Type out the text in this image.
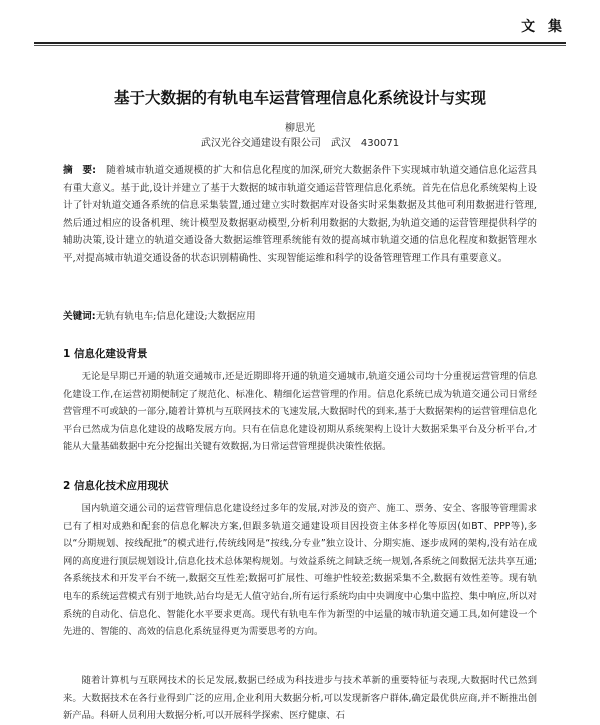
文 集
基于大数据的有轨电车运营管理信息化系统设计与实现
柳思光
武汉光谷交通建设有限公司　武汉　430071
摘　要: 随着城市轨道交通规模的扩大和信息化程度的加深,研究大数据条件下实现城市轨道交通信息化运营具有重大意义。基于此,设计并建立了基于大数据的城市轨道交通运营管理信息化系统。首先在信息化系统架构上设计了针对轨道交通各系统的信息采集装置,通过建立实时数据库对设备实时采集数据及其他可利用数据进行管理,然后通过相应的设备机理、统计模型及数据驱动模型,分析利用数据的大数据,为轨道交通的运营管理提供科学的辅助决策,设计建立的轨道交通设备大数据运维管理系统能有效的提高城市轨道交通的信息化程度和数据管理水平,对提高城市轨道交通设备的状态识别精确性、实现智能运维和科学的设备管理管理工作具有重要意义。
关键词:无轨有轨电车;信息化建设;大数据应用
1 信息化建设背景

无论是早期已开通的轨道交通城市,还是近期即将开通的轨道交通城市,轨道交通公司均十分重视运营管理的信息化建设工作,在运营初期便制定了规范化、标准化、精细化运营管理的作用。信息化系统已成为轨道交通公司日常经营管理不可或缺的一部分,随着计算机与互联网技术的飞速发展,大数据时代的到来,基于大数据架构的运营管理信息化平台已然成为信息化建设的战略发展方向。只有在信息化建设初期从系统架构上设计大数据采集平台及分析平台,才能从大量基础数据中充分挖掘出关键有效数据,为日常运营管理提供决策性依据。

2 信息化技术应用现状

国内轨道交通公司的运营管理信息化建设经过多年的发展,对涉及的资产、施工、票务、安全、客服等管理需求已有了相对成熟和配套的信息化解决方案,但跟多轨道交通建设项目因投资主体多样化等原因(如BT、PPP等),多以“分期规划、按线配批”的模式进行,传统线网是“按线,分专业”独立设计、分期实施、逐步成网的架构,没有站在成网的高度进行顶层规划设计,信息化技术总体架构规划。与效益系统之间缺乏统一规划,各系统之间数据无法共享互通;各系统技术和开发平台不统一,数据交互性差;数据可扩展性、可维护性较差;数据采集不全,数据有效性差等。现有轨电车的系统运营模式有别于地铁,站台均是无人值守站台,所有运行系统均由中央调度中心集中监控、集中响应,所以对系统的自动化、信息化、智能化水平要求更高。现代有轨电车作为新型的中运量的城市轨道交通工具,如何建设一个先进的、智能的、高效的信息化系统显得更为需要思考的方向。

随着计算机与互联网技术的长足发展,数据已经成为科技进步与技术革新的重要特征与表现,大数据时代已然到来。大数据技术在各行业得到广泛的应用,企业利用大数据分析,可以发现新客户群体,确定最优供应商,并不断推出创新产品。科研人员利用大数据分析,可以开展科学探索、医疗健康、石
